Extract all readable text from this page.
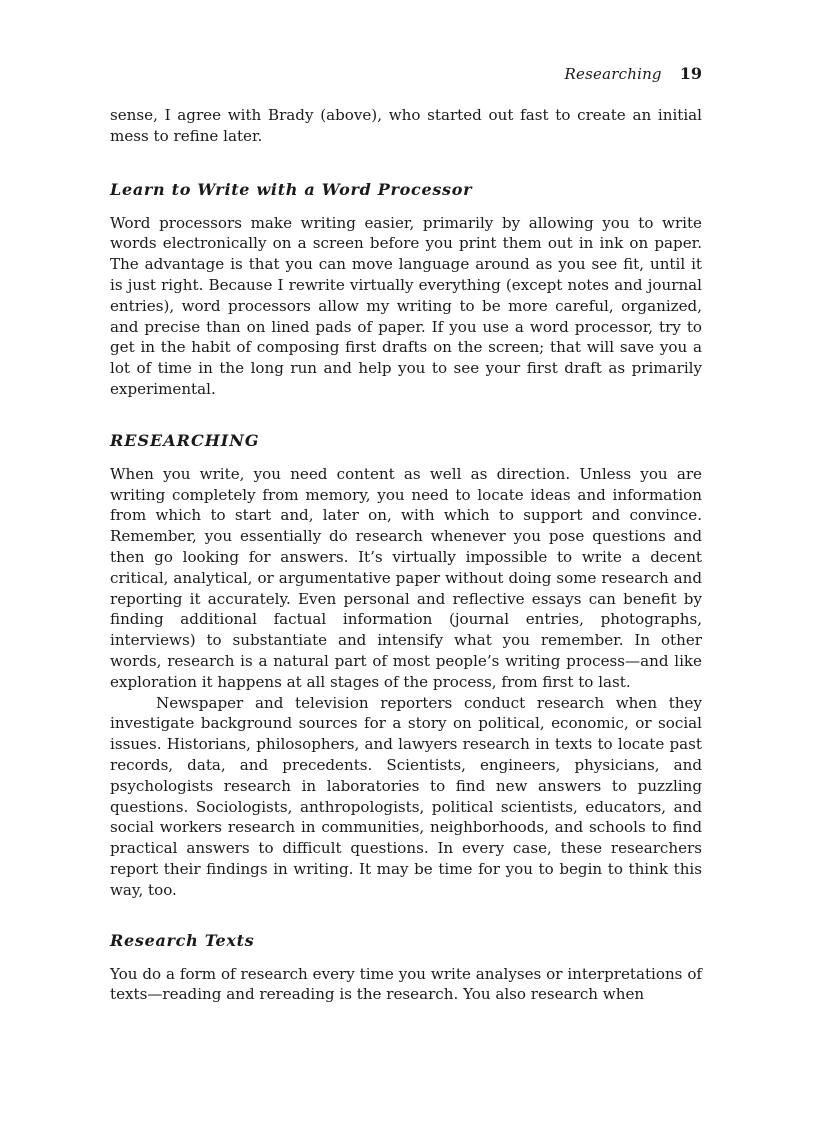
Researching 19

sense, I agree with Brady (above), who started out fast to create an initial mess to refine later.

Learn to Write with a Word Processor

Word processors make writing easier, primarily by allowing you to write words electronically on a screen before you print them out in ink on paper. The advantage is that you can move language around as you see fit, until it is just right. Because I rewrite virtually everything (except notes and journal entries), word processors allow my writing to be more careful, organized, and precise than on lined pads of paper. If you use a word processor, try to get in the habit of composing first drafts on the screen; that will save you a lot of time in the long run and help you to see your first draft as primarily experimental.

RESEARCHING

When you write, you need content as well as direction. Unless you are writing completely from memory, you need to locate ideas and information from which to start and, later on, with which to support and convince. Remember, you essentially do research whenever you pose questions and then go looking for answers. It’s virtually impossible to write a decent critical, analytical, or argumentative paper without doing some research and reporting it accurately. Even personal and reflective essays can benefit by finding additional factual information (journal entries, photographs, interviews) to substantiate and intensify what you remember. In other words, research is a natural part of most people’s writing process—and like exploration it happens at all stages of the process, from first to last.

Newspaper and television reporters conduct research when they investigate background sources for a story on political, economic, or social issues. Historians, philosophers, and lawyers research in texts to locate past records, data, and precedents. Scientists, engineers, physicians, and psychologists research in laboratories to find new answers to puzzling questions. Sociologists, anthropologists, political scientists, educators, and social workers research in communities, neighborhoods, and schools to find practical answers to difficult questions. In every case, these researchers report their findings in writing. It may be time for you to begin to think this way, too.

Research Texts

You do a form of research every time you write analyses or interpretations of texts—reading and rereading is the research. You also research when
